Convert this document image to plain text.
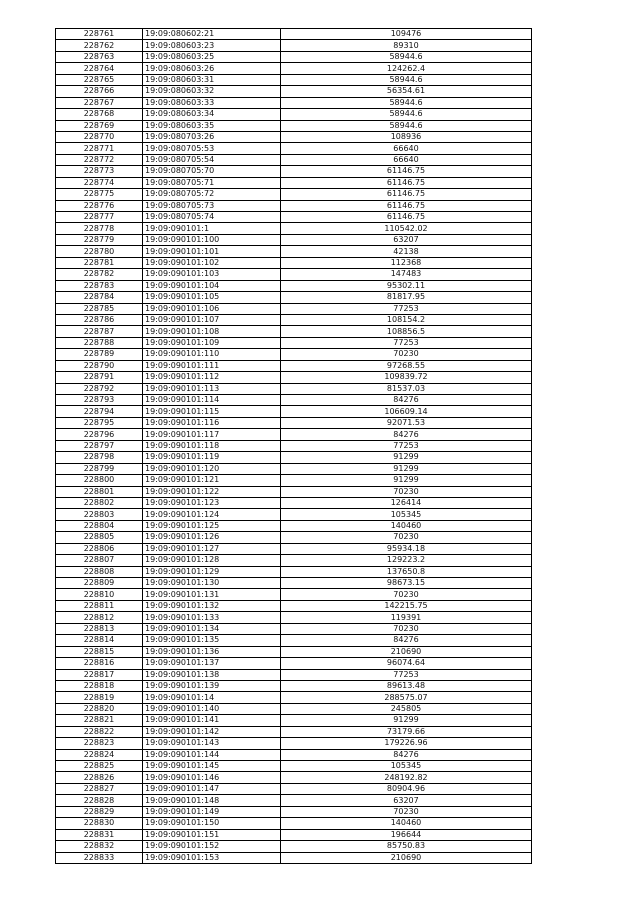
228761	19:09:080602:21	109476
228762	19:09:080603:23	89310
228763	19:09:080603:25	58944.6
228764	19:09:080603:26	124262.4
228765	19:09:080603:31	58944.6
228766	19:09:080603:32	56354.61
228767	19:09:080603:33	58944.6
228768	19:09:080603:34	58944.6
228769	19:09:080603:35	58944.6
228770	19:09:080703:26	108936
228771	19:09:080705:53	66640
228772	19:09:080705:54	66640
228773	19:09:080705:70	61146.75
228774	19:09:080705:71	61146.75
228775	19:09:080705:72	61146.75
228776	19:09:080705:73	61146.75
228777	19:09:080705:74	61146.75
228778	19:09:090101:1	110542.02
228779	19:09:090101:100	63207
228780	19:09:090101:101	42138
228781	19:09:090101:102	112368
228782	19:09:090101:103	147483
228783	19:09:090101:104	95302.11
228784	19:09:090101:105	81817.95
228785	19:09:090101:106	77253
228786	19:09:090101:107	108154.2
228787	19:09:090101:108	108856.5
228788	19:09:090101:109	77253
228789	19:09:090101:110	70230
228790	19:09:090101:111	97268.55
228791	19:09:090101:112	109839.72
228792	19:09:090101:113	81537.03
228793	19:09:090101:114	84276
228794	19:09:090101:115	106609.14
228795	19:09:090101:116	92071.53
228796	19:09:090101:117	84276
228797	19:09:090101:118	77253
228798	19:09:090101:119	91299
228799	19:09:090101:120	91299
228800	19:09:090101:121	91299
228801	19:09:090101:122	70230
228802	19:09:090101:123	126414
228803	19:09:090101:124	105345
228804	19:09:090101:125	140460
228805	19:09:090101:126	70230
228806	19:09:090101:127	95934.18
228807	19:09:090101:128	129223.2
228808	19:09:090101:129	137650.8
228809	19:09:090101:130	98673.15
228810	19:09:090101:131	70230
228811	19:09:090101:132	142215.75
228812	19:09:090101:133	119391
228813	19:09:090101:134	70230
228814	19:09:090101:135	84276
228815	19:09:090101:136	210690
228816	19:09:090101:137	96074.64
228817	19:09:090101:138	77253
228818	19:09:090101:139	89613.48
228819	19:09:090101:14	288575.07
228820	19:09:090101:140	245805
228821	19:09:090101:141	91299
228822	19:09:090101:142	73179.66
228823	19:09:090101:143	179226.96
228824	19:09:090101:144	84276
228825	19:09:090101:145	105345
228826	19:09:090101:146	248192.82
228827	19:09:090101:147	80904.96
228828	19:09:090101:148	63207
228829	19:09:090101:149	70230
228830	19:09:090101:150	140460
228831	19:09:090101:151	196644
228832	19:09:090101:152	85750.83
228833	19:09:090101:153	210690
